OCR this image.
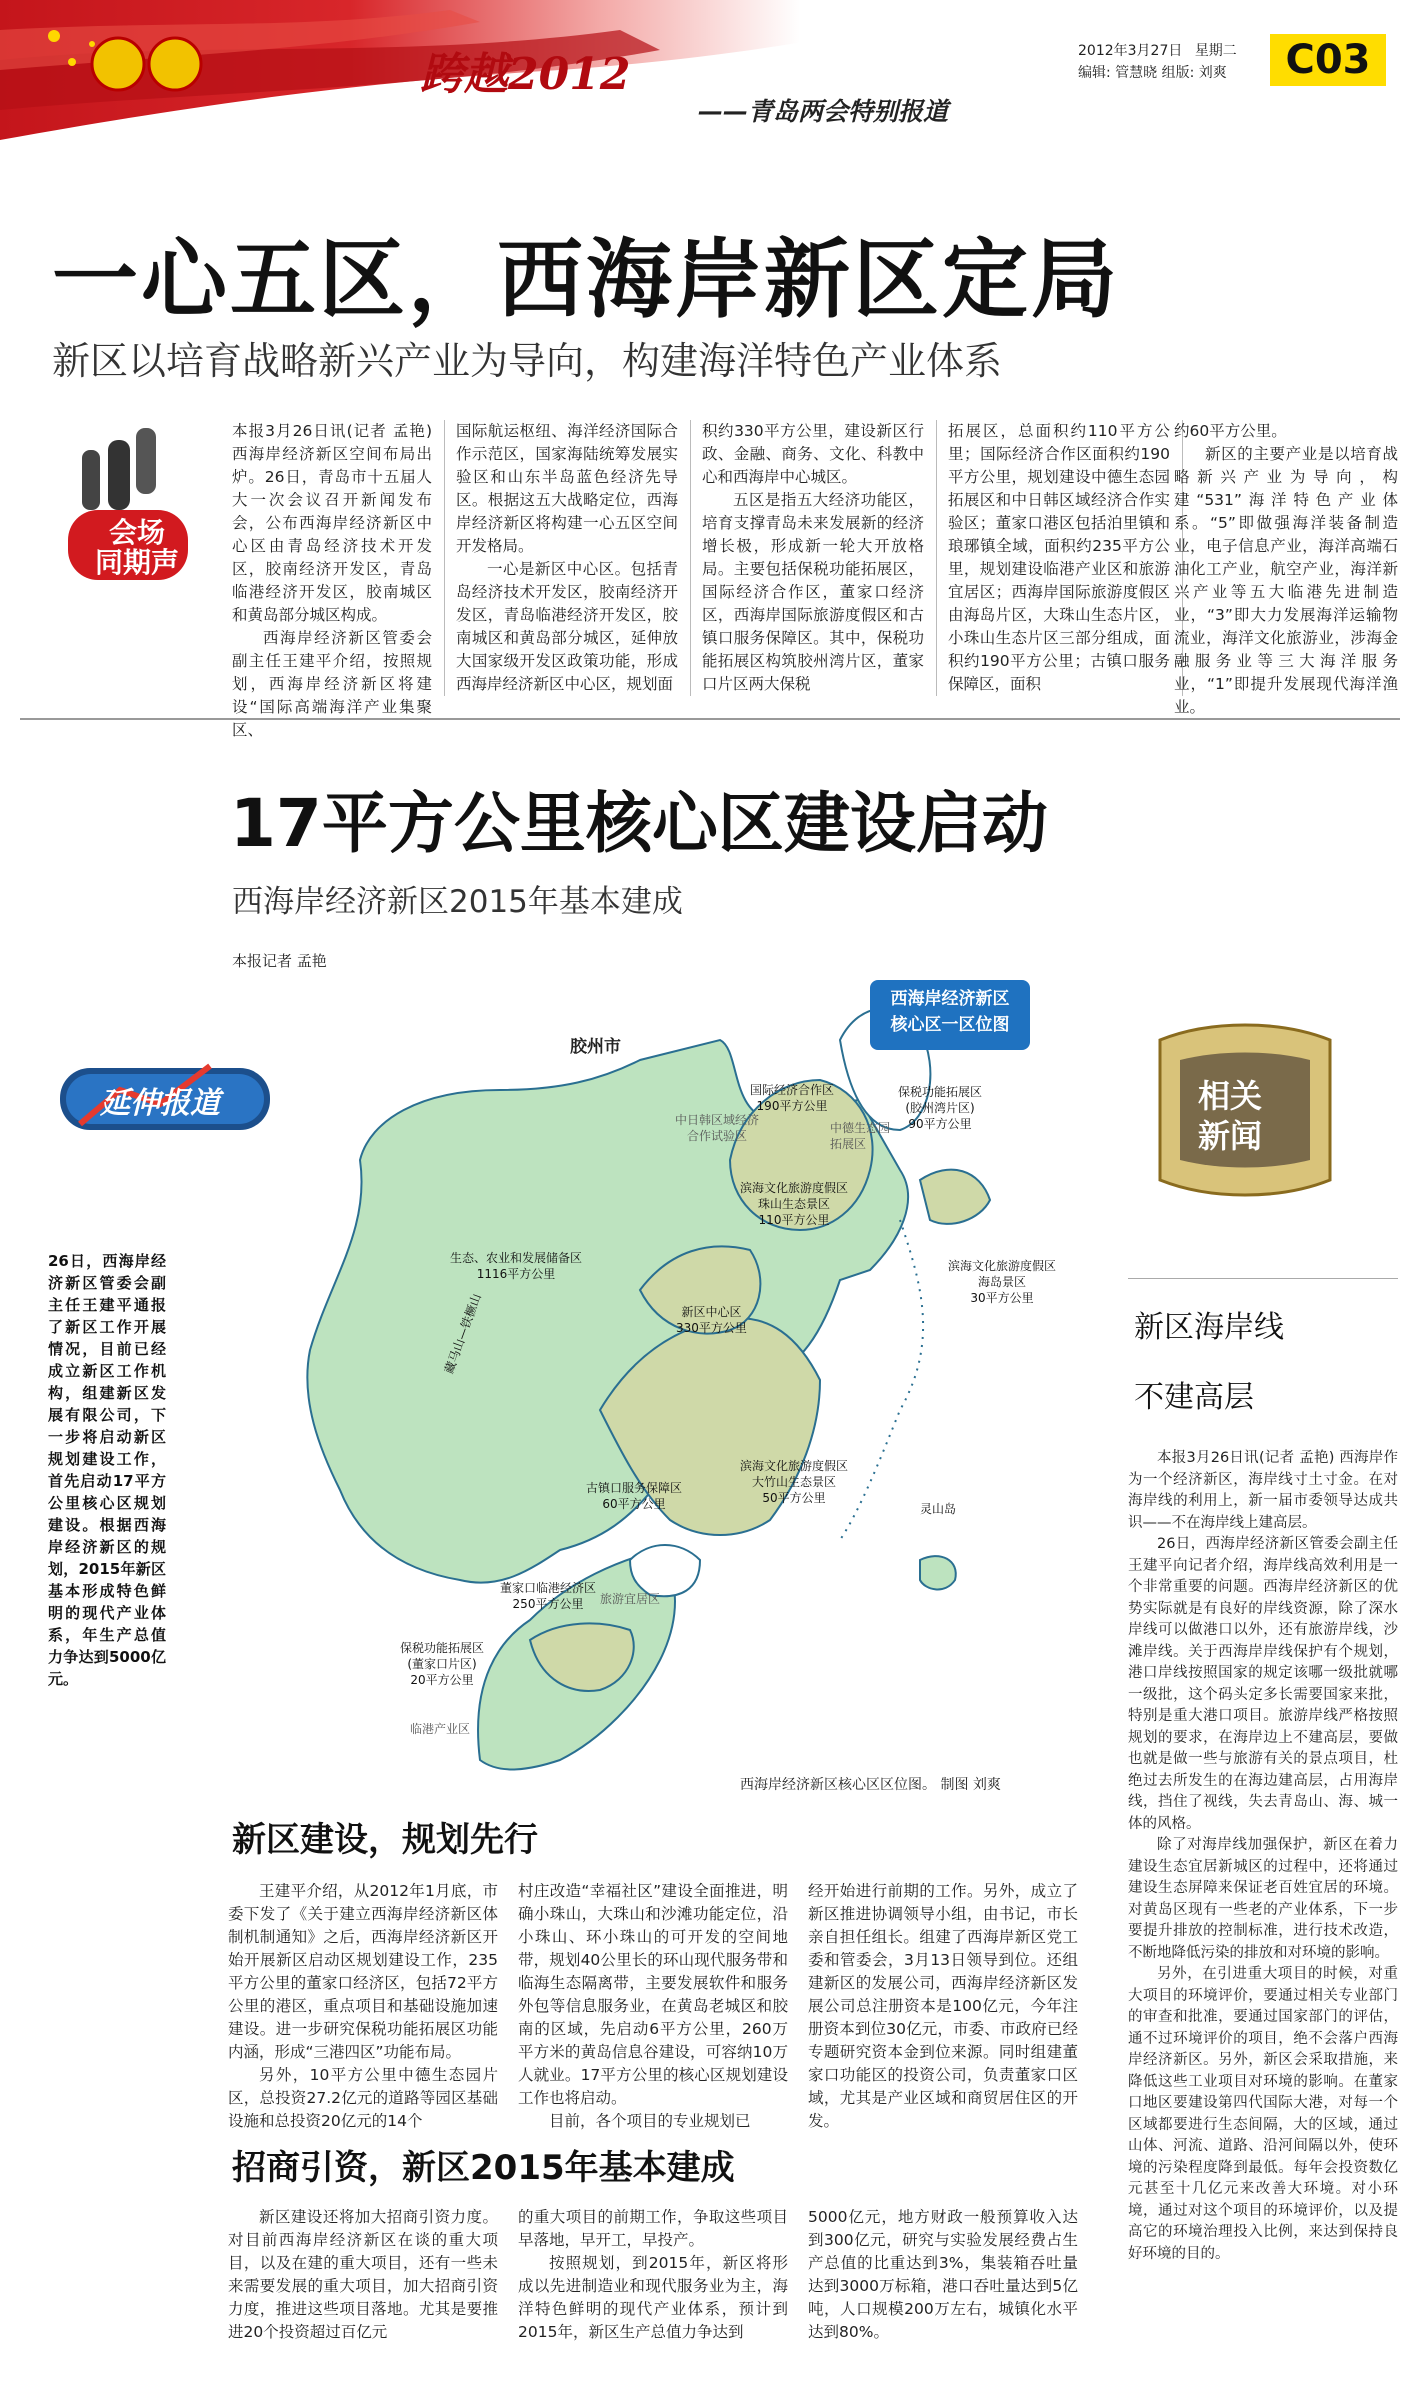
跨越2012
——青岛两会特别报道
2012年3月27日 星期二
编辑: 管慧晓 组版: 刘爽	C03
一心五区，西海岸新区定局
新区以培育战略新兴产业为导向，构建海洋特色产业体系
会场
同期声

本报3月26日讯(记者 孟艳) 西海岸经济新区空间布局出炉。26日，青岛市十五届人大一次会议召开新闻发布会，公布西海岸经济新区中心区由青岛经济技术开发区，胶南经济开发区，青岛临港经济开发区，胶南城区和黄岛部分城区构成。

西海岸经济新区管委会副主任王建平介绍，按照规划，西海岸经济新区将建设“国际高端海洋产业集聚区、

国际航运枢纽、海洋经济国际合作示范区，国家海陆统筹发展实验区和山东半岛蓝色经济先导区。根据这五大战略定位，西海岸经济新区将构建一心五区空间开发格局。

一心是新区中心区。包括青岛经济技术开发区，胶南经济开发区，青岛临港经济开发区，胶南城区和黄岛部分城区，延伸放大国家级开发区政策功能，形成西海岸经济新区中心区，规划面

积约330平方公里，建设新区行政、金融、商务、文化、科教中心和西海岸中心城区。

五区是指五大经济功能区，培育支撑青岛未来发展新的经济增长极，形成新一轮大开放格局。主要包括保税功能拓展区，国际经济合作区，董家口经济区，西海岸国际旅游度假区和古镇口服务保障区。其中，保税功能拓展区构筑胶州湾片区，董家口片区两大保税

拓展区，总面积约110平方公里；国际经济合作区面积约190平方公里，规划建设中德生态园拓展区和中日韩区域经济合作实验区；董家口港区包括泊里镇和琅琊镇全域，面积约235平方公里，规划建设临港产业区和旅游宜居区；西海岸国际旅游度假区由海岛片区，大珠山生态片区，小珠山生态片区三部分组成，面积约190平方公里；古镇口服务保障区，面积

约60平方公里。

新区的主要产业是以培育战略新兴产业为导向，构建“531”海洋特色产业体系。“5”即做强海洋装备制造业，电子信息产业，海洋高端石油化工产业，航空产业，海洋新兴产业等五大临港先进制造业，“3”即大力发展海洋运输物流业，海洋文化旅游业，涉海金融服务业等三大海洋服务业，“1”即提升发展现代海洋渔业。

17平方公里核心区建设启动
西海岸经济新区2015年基本建成
本报记者 孟艳
延伸报道
26日，西海岸经济新区管委会副主任王建平通报了新区工作开展情况，目前已经成立新区工作机构，组建新区发展有限公司，下一步将启动新区规划建设工作，首先启动17平方公里核心区规划建设。根据西海岸经济新区的规划，2015年新区基本形成特色鲜明的现代产业体系，年生产总值力争达到5000亿元。
西海岸经济新区
核心区一区位图
胶州市
国际经济合作区
190平方公里
中日韩区域经济合作试验区
中德生态园拓展区
保税功能拓展区
(胶州湾片区)
90平方公里
滨海文化旅游度假区
珠山生态景区
110平方公里
滨海文化旅游度假区
海岛景区
30平方公里
生态、农业和发展储备区
1116平方公里
新区中心区
330平方公里
藏马山—铁橛山
滨海文化旅游度假区
大竹山生态景区
50平方公里
古镇口服务保障区
60平方公里
董家口临港经济区
250平方公里
保税功能拓展区
(董家口片区)
20平方公里
旅游宜居区
临港产业区
灵山岛
西海岸经济新区核心区区位图。 制图 刘爽
新区建设，规划先行

王建平介绍，从2012年1月底，市委下发了《关于建立西海岸经济新区体制机制通知》之后，西海岸经济新区开始开展新区启动区规划建设工作，235平方公里的董家口经济区，包括72平方公里的港区，重点项目和基础设施加速建设。进一步研究保税功能拓展区功能内涵，形成“三港四区”功能布局。

另外，10平方公里中德生态园片区，总投资27.2亿元的道路等园区基础设施和总投资20亿元的14个

村庄改造“幸福社区”建设全面推进，明确小珠山，大珠山和沙滩功能定位，沿小珠山、环小珠山的可开发的空间地带，规划40公里长的环山现代服务带和临海生态隔离带，主要发展软件和服务外包等信息服务业，在黄岛老城区和胶南的区域，先启动6平方公里，260万平方米的黄岛信息谷建设，可容纳10万人就业。17平方公里的核心区规划建设工作也将启动。

目前，各个项目的专业规划已

经开始进行前期的工作。另外，成立了新区推进协调领导小组，由书记，市长亲自担任组长。组建了西海岸新区党工委和管委会，3月13日领导到位。还组建新区的发展公司，西海岸经济新区发展公司总注册资本是100亿元，今年注册资本到位30亿元，市委、市政府已经专题研究资本金到位来源。同时组建董家口功能区的投资公司，负责董家口区域，尤其是产业区域和商贸居住区的开发。

招商引资，新区2015年基本建成

新区建设还将加大招商引资力度。对目前西海岸经济新区在谈的重大项目，以及在建的重大项目，还有一些未来需要发展的重大项目，加大招商引资力度，推进这些项目落地。尤其是要推进20个投资超过百亿元

的重大项目的前期工作，争取这些项目早落地，早开工，早投产。

按照规划，到2015年，新区将形成以先进制造业和现代服务业为主，海洋特色鲜明的现代产业体系，预计到2015年，新区生产总值力争达到

5000亿元，地方财政一般预算收入达到300亿元，研究与实验发展经费占生产总值的比重达到3%，集装箱吞吐量达到3000万标箱，港口吞吐量达到5亿吨，人口规模200万左右，城镇化水平达到80%。

相关
新闻
新区海岸线
不建高层

本报3月26日讯(记者 孟艳) 西海岸作为一个经济新区，海岸线寸土寸金。在对海岸线的利用上，新一届市委领导达成共识——不在海岸线上建高层。

26日，西海岸经济新区管委会副主任王建平向记者介绍，海岸线高效利用是一个非常重要的问题。西海岸经济新区的优势实际就是有良好的岸线资源，除了深水岸线可以做港口以外，还有旅游岸线，沙滩岸线。关于西海岸岸线保护有个规划，港口岸线按照国家的规定该哪一级批就哪一级批，这个码头定多长需要国家来批，特别是重大港口项目。旅游岸线严格按照规划的要求，在海岸边上不建高层，要做也就是做一些与旅游有关的景点项目，杜绝过去所发生的在海边建高层，占用海岸线，挡住了视线，失去青岛山、海、城一体的风格。

除了对海岸线加强保护，新区在着力建设生态宜居新城区的过程中，还将通过建设生态屏障来保证老百姓宜居的环境。对黄岛区现有一些老的产业体系，下一步要提升排放的控制标准，进行技术改造，不断地降低污染的排放和对环境的影响。

另外，在引进重大项目的时候，对重大项目的环境评价，要通过相关专业部门的审查和批准，要通过国家部门的评估，通不过环境评价的项目，绝不会落户西海岸经济新区。另外，新区会采取措施，来降低这些工业项目对环境的影响。在董家口地区要建设第四代国际大港，对每一个区域都要进行生态间隔，大的区域，通过山体、河流、道路、沿河间隔以外，使环境的污染程度降到最低。每年会投资数亿元甚至十几亿元来改善大环境。对小环境，通过对这个项目的环境评价，以及提高它的环境治理投入比例，来达到保持良好环境的目的。
